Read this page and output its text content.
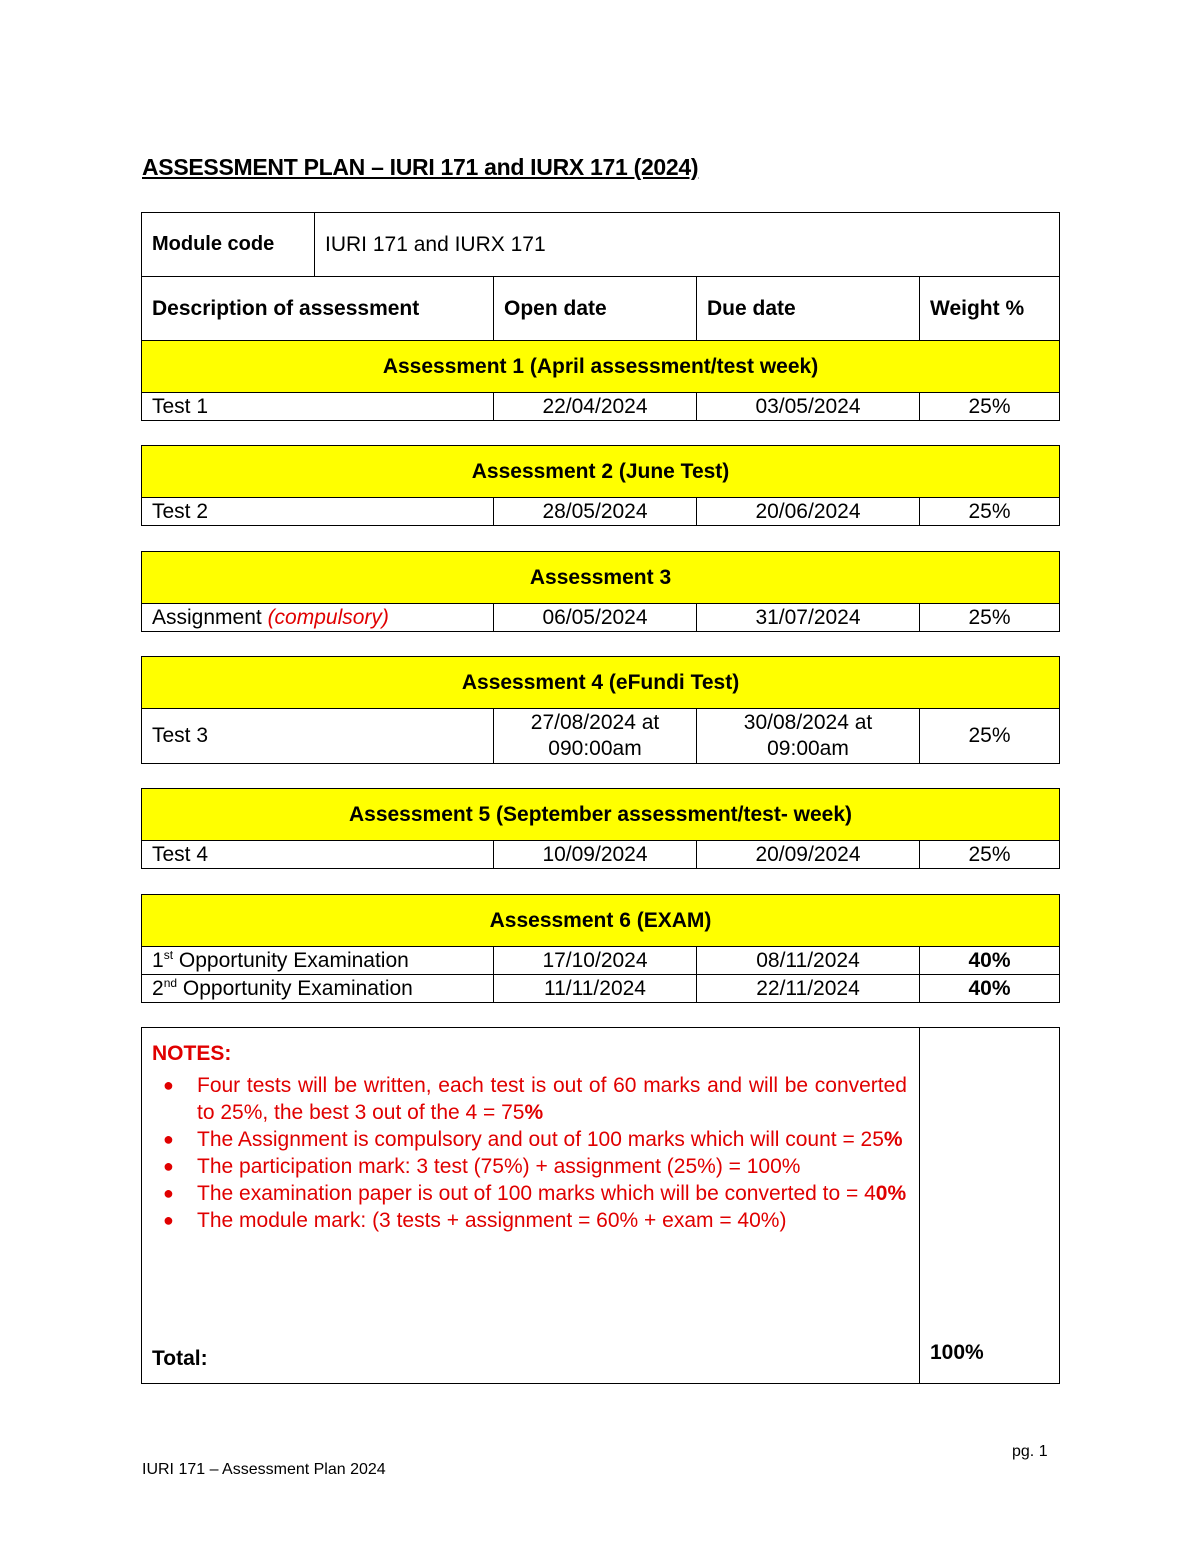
ASSESSMENT PLAN – IURI 171 and IURX 171 (2024)
Module code	IURI 171 and IURX 171			
Description of assessment		Open date	Due date	Weight %
Assessment 1 (April assessment/test week)				
Test 1		22/04/2024	03/05/2024	25%
Assessment 2 (June Test)
Test 2	28/05/2024	20/06/2024	25%
Assessment 3
Assignment (compulsory)	06/05/2024	31/07/2024	25%
Assessment 4 (eFundi Test)
Test 3	27/08/2024 at 090:00am	30/08/2024 at 09:00am	25%
Assessment 5 (September assessment/test- week)
Test 4	10/09/2024	20/09/2024	25%
Assessment 6 (EXAM)			
1st Opportunity Examination	17/10/2024	08/11/2024	40%
2nd Opportunity Examination	11/11/2024	22/11/2024	40%
NOTES:
● Four tests will be written, each test is out of 60 marks and will be converted to 25%, the best 3 out of the 4 = 75%
● The Assignment is compulsory and out of 100 marks which will count = 25%
● The participation mark: 3 test (75%) + assignment (25%) = 100%
● The examination paper is out of 100 marks which will be converted to = 40%
● The module mark: (3 tests + assignment = 60% + exam = 40%)
Total:	100%
pg. 1
IURI 171 – Assessment Plan 2024
